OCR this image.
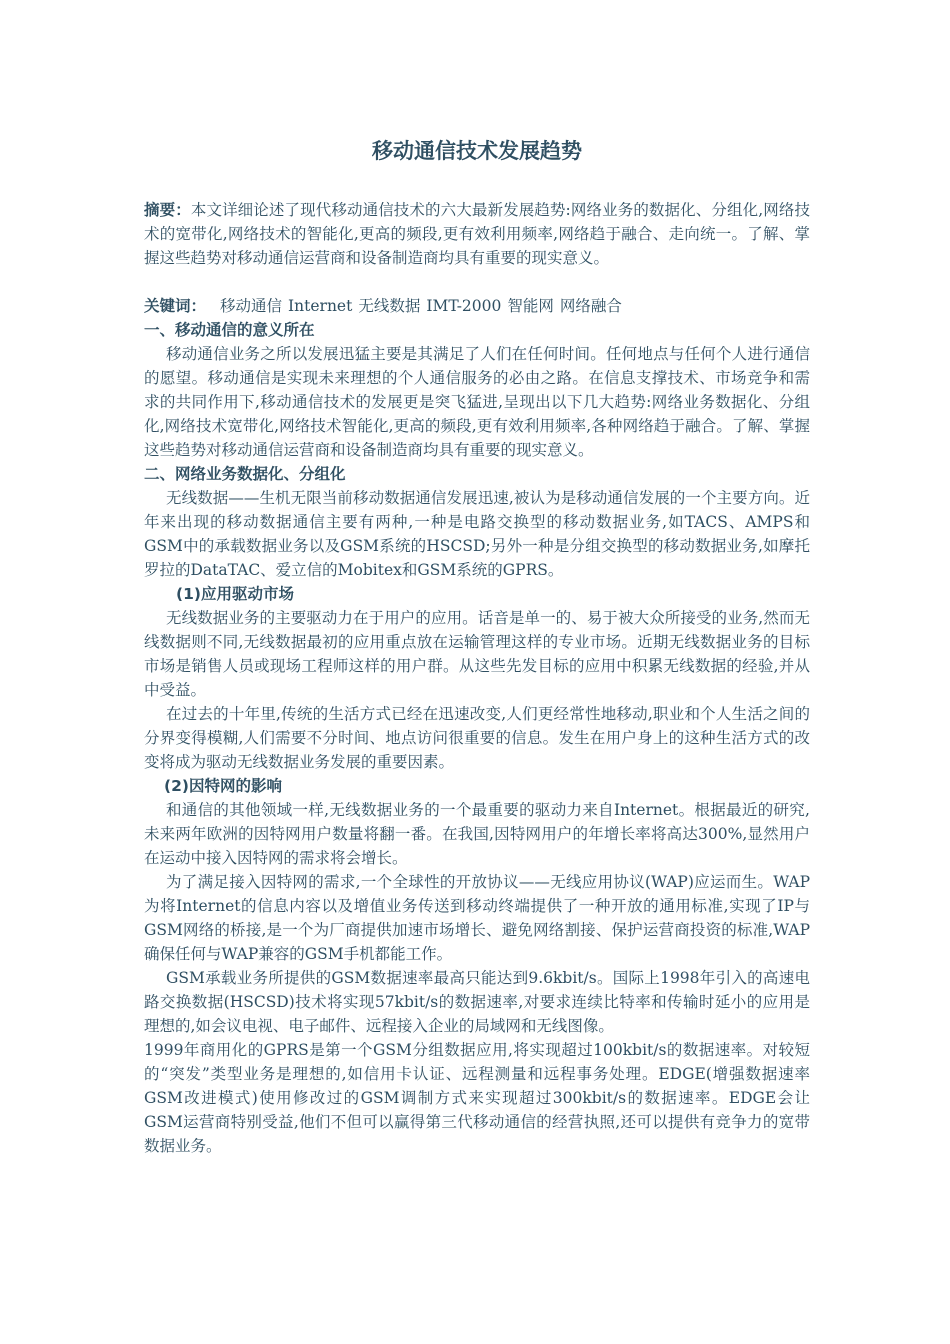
移动通信技术发展趋势

摘要：本文详细论述了现代移动通信技术的六大最新发展趋势:网络业务的数据化、分组化,网络技术的宽带化,网络技术的智能化,更高的频段,更有效利用频率,网络趋于融合、走向统一。了解、掌握这些趋势对移动通信运营商和设备制造商均具有重要的现实意义。

关键词： 移动通信 Internet 无线数据 IMT-2000 智能网 网络融合

一、移动通信的意义所在

移动通信业务之所以发展迅猛主要是其满足了人们在任何时间。任何地点与任何个人进行通信的愿望。移动通信是实现未来理想的个人通信服务的必由之路。在信息支撑技术、市场竞争和需求的共同作用下,移动通信技术的发展更是突飞猛进,呈现出以下几大趋势:网络业务数据化、分组化,网络技术宽带化,网络技术智能化,更高的频段,更有效利用频率,各种网络趋于融合。了解、掌握这些趋势对移动通信运营商和设备制造商均具有重要的现实意义。

二、网络业务数据化、分组化

无线数据——生机无限当前移动数据通信发展迅速,被认为是移动通信发展的一个主要方向。近年来出现的移动数据通信主要有两种,一种是电路交换型的移动数据业务,如TACS、AMPS和GSM中的承载数据业务以及GSM系统的HSCSD;另外一种是分组交换型的移动数据业务,如摩托罗拉的DataTAC、爱立信的Mobitex和GSM系统的GPRS。

(1)应用驱动市场

无线数据业务的主要驱动力在于用户的应用。话音是单一的、易于被大众所接受的业务,然而无线数据则不同,无线数据最初的应用重点放在运输管理这样的专业市场。近期无线数据业务的目标市场是销售人员或现场工程师这样的用户群。从这些先发目标的应用中积累无线数据的经验,并从中受益。

在过去的十年里,传统的生活方式已经在迅速改变,人们更经常性地移动,职业和个人生活之间的分界变得模糊,人们需要不分时间、地点访问很重要的信息。发生在用户身上的这种生活方式的改变将成为驱动无线数据业务发展的重要因素。

(2)因特网的影响

和通信的其他领域一样,无线数据业务的一个最重要的驱动力来自Internet。根据最近的研究,未来两年欧洲的因特网用户数量将翻一番。在我国,因特网用户的年增长率将高达300%,显然用户在运动中接入因特网的需求将会增长。

为了满足接入因特网的需求,一个全球性的开放协议——无线应用协议(WAP)应运而生。WAP为将Internet的信息内容以及增值业务传送到移动终端提供了一种开放的通用标准,实现了IP与GSM网络的桥接,是一个为厂商提供加速市场增长、避免网络割接、保护运营商投资的标准,WAP确保任何与WAP兼容的GSM手机都能工作。

GSM承载业务所提供的GSM数据速率最高只能达到9.6kbit/s。国际上1998年引入的高速电路交换数据(HSCSD)技术将实现57kbit/s的数据速率,对要求连续比特率和传输时延小的应用是理想的,如会议电视、电子邮件、远程接入企业的局域网和无线图像。

1999年商用化的GPRS是第一个GSM分组数据应用,将实现超过100kbit/s的数据速率。对较短的“突发”类型业务是理想的,如信用卡认证、远程测量和远程事务处理。EDGE(增强数据速率GSM改进模式)使用修改过的GSM调制方式来实现超过300kbit/s的数据速率。EDGE会让 GSM运营商特别受益,他们不但可以赢得第三代移动通信的经营执照,还可以提供有竞争力的宽带数据业务。
